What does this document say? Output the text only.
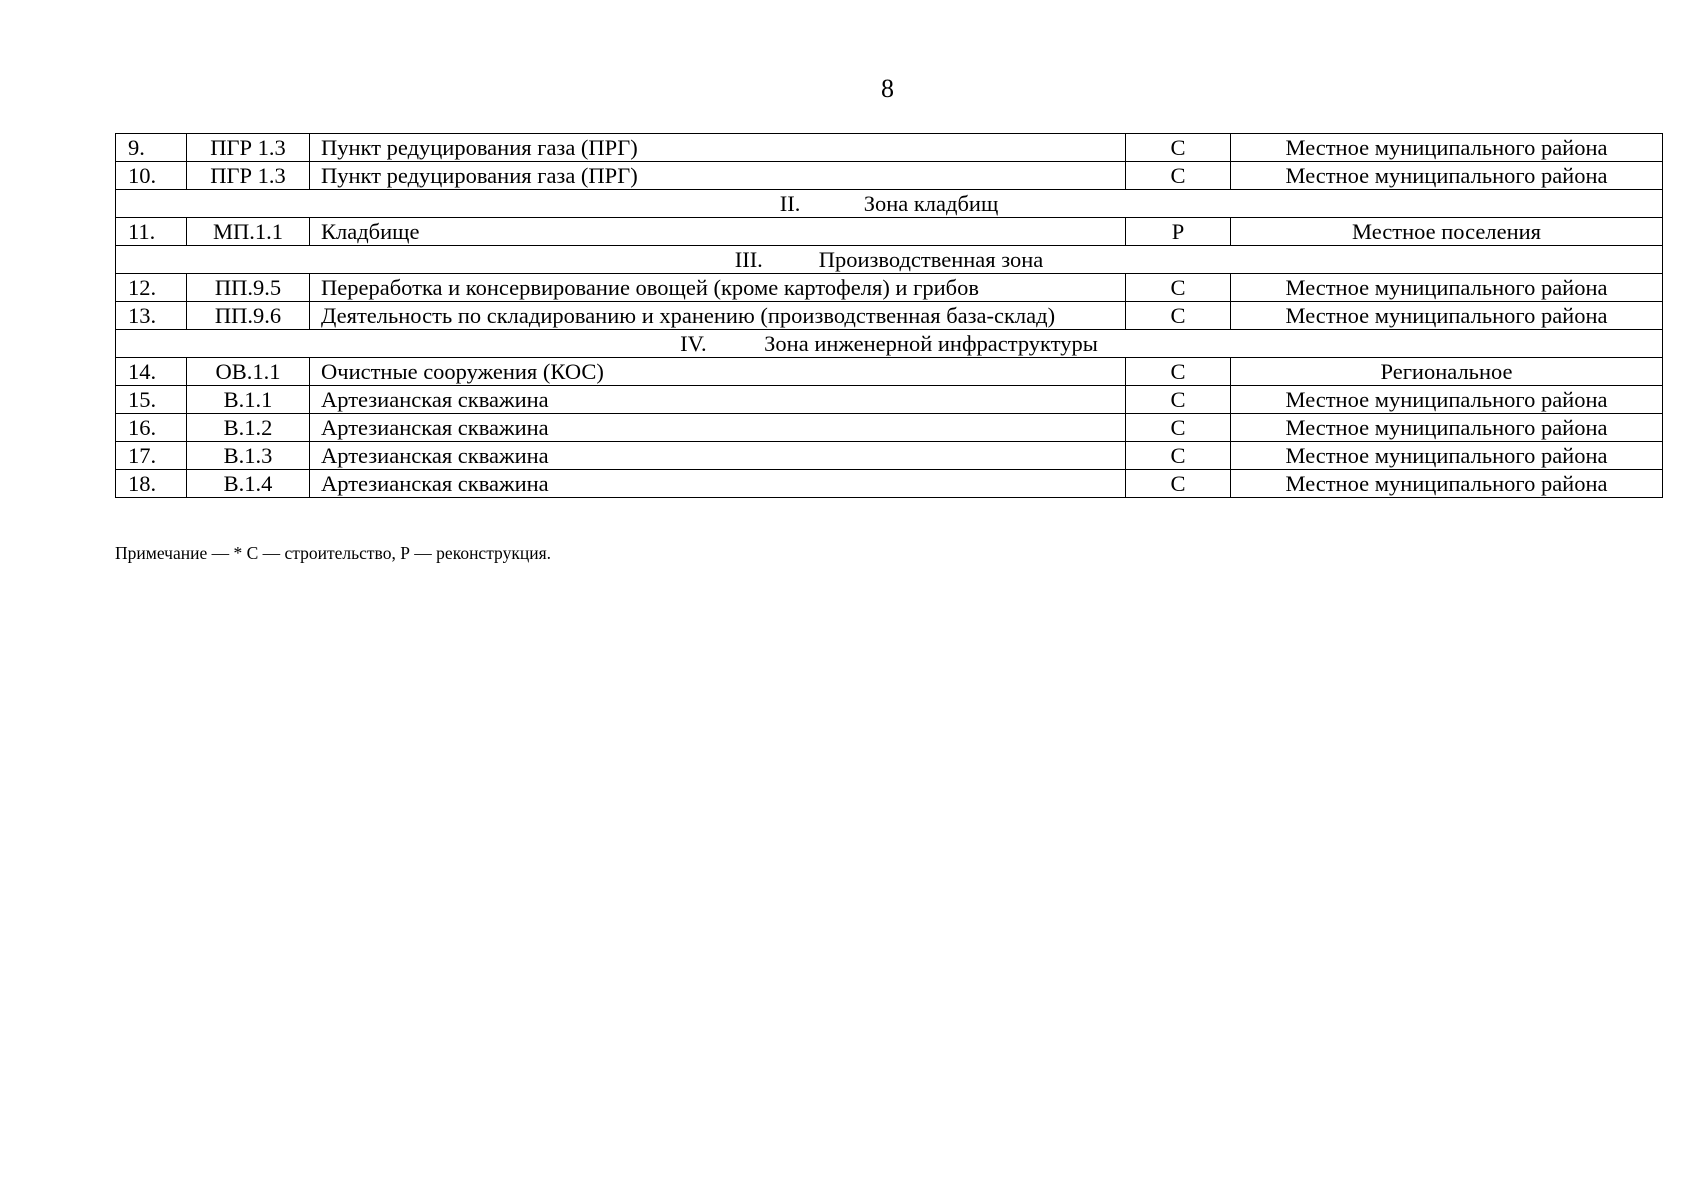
8
9.	ПГР 1.3	Пункт редуцирования газа (ПРГ)	С	Местное муниципального района
10.	ПГР 1.3	Пункт редуцирования газа (ПРГ)	С	Местное муниципального района
II. Зона кладбищ				
11.	МП.1.1	Кладбище	Р	Местное поселения
III. Производственная зона				
12.	ПП.9.5	Переработка и консервирование овощей (кроме картофеля) и грибов	С	Местное муниципального района
13.	ПП.9.6	Деятельность по складированию и хранению (производственная база-склад)	С	Местное муниципального района
IV. Зона инженерной инфраструктуры				
14.	ОВ.1.1	Очистные сооружения (КОС)	С	Региональное
15.	В.1.1	Артезианская скважина	С	Местное муниципального района
16.	В.1.2	Артезианская скважина	С	Местное муниципального района
17.	В.1.3	Артезианская скважина	С	Местное муниципального района
18.	В.1.4	Артезианская скважина	С	Местное муниципального района
Примечание — * С — строительство, Р — реконструкция.
